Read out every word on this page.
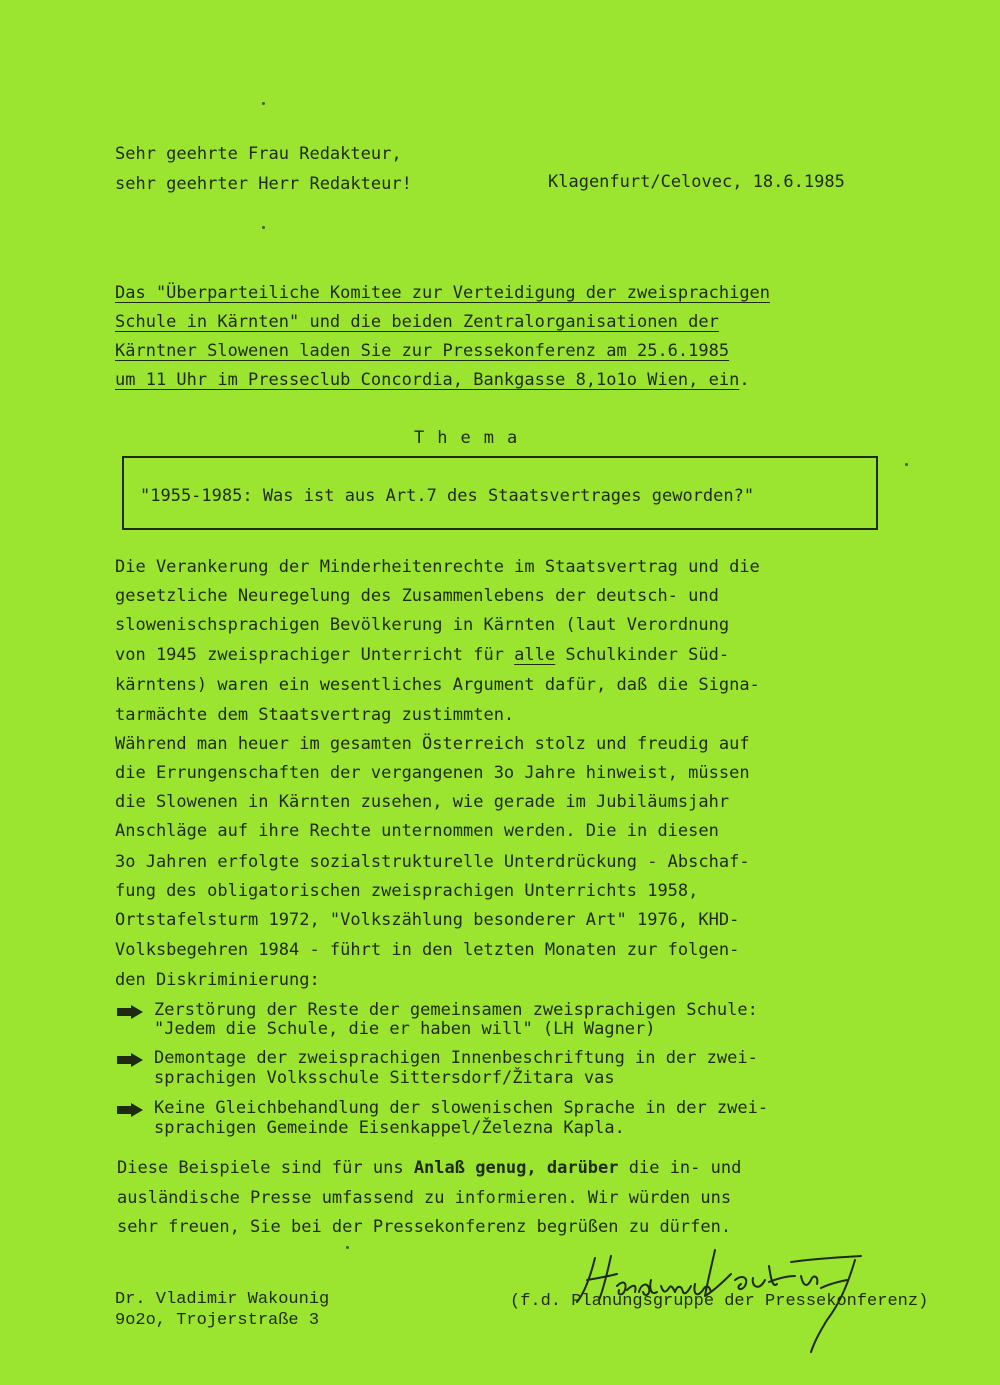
Sehr geehrte Frau Redakteur,
sehr geehrter Herr Redakteur!	Klagenfurt/Celovec, 18.6.1985
Das "Überparteiliche Komitee zur Verteidigung der zweisprachigen
Schule in Kärnten" und die beiden Zentralorganisationen der
Kärntner Slowenen laden Sie zur Pressekonferenz am 25.6.1985
um 11 Uhr im Presseclub Concordia, Bankgasse 8,1o1o Wien, ein.
Thema
"1955-1985: Was ist aus Art.7 des Staatsvertrages geworden?"
Die Verankerung der Minderheitenrechte im Staatsvertrag und die
gesetzliche Neuregelung des Zusammenlebens der deutsch- und
slowenischsprachigen Bevölkerung in Kärnten (laut Verordnung
von 1945 zweisprachiger Unterricht für alle Schulkinder Süd-
kärntens) waren ein wesentliches Argument dafür, daß die Signa-
tarmächte dem Staatsvertrag zustimmten.
Während man heuer im gesamten Österreich stolz und freudig auf
die Errungenschaften der vergangenen 3o Jahre hinweist, müssen
die Slowenen in Kärnten zusehen, wie gerade im Jubiläumsjahr
Anschläge auf ihre Rechte unternommen werden. Die in diesen
3o Jahren erfolgte sozialstrukturelle Unterdrückung - Abschaf-
fung des obligatorischen zweisprachigen Unterrichts 1958,
Ortstafelsturm 1972, "Volkszählung besonderer Art" 1976, KHD-
Volksbegehren 1984 - führt in den letzten Monaten zur folgen-
den Diskriminierung:
Zerstörung der Reste der gemeinsamen zweisprachigen Schule:
"Jedem die Schule, die er haben will" (LH Wagner)
Demontage der zweisprachigen Innenbeschriftung in der zwei-
sprachigen Volksschule Sittersdorf/Žitara vas
Keine Gleichbehandlung der slowenischen Sprache in der zwei-
sprachigen Gemeinde Eisenkappel/Železna Kapla.
Diese Beispiele sind für uns Anlaß genug, darüber die in- und
ausländische Presse umfassend zu informieren. Wir würden uns
sehr freuen, Sie bei der Pressekonferenz begrüßen zu dürfen.
Dr. Vladimir Wakounig
9o2o, Trojerstraße 3
(f.d. Planungsgruppe der Pressekonferenz)
